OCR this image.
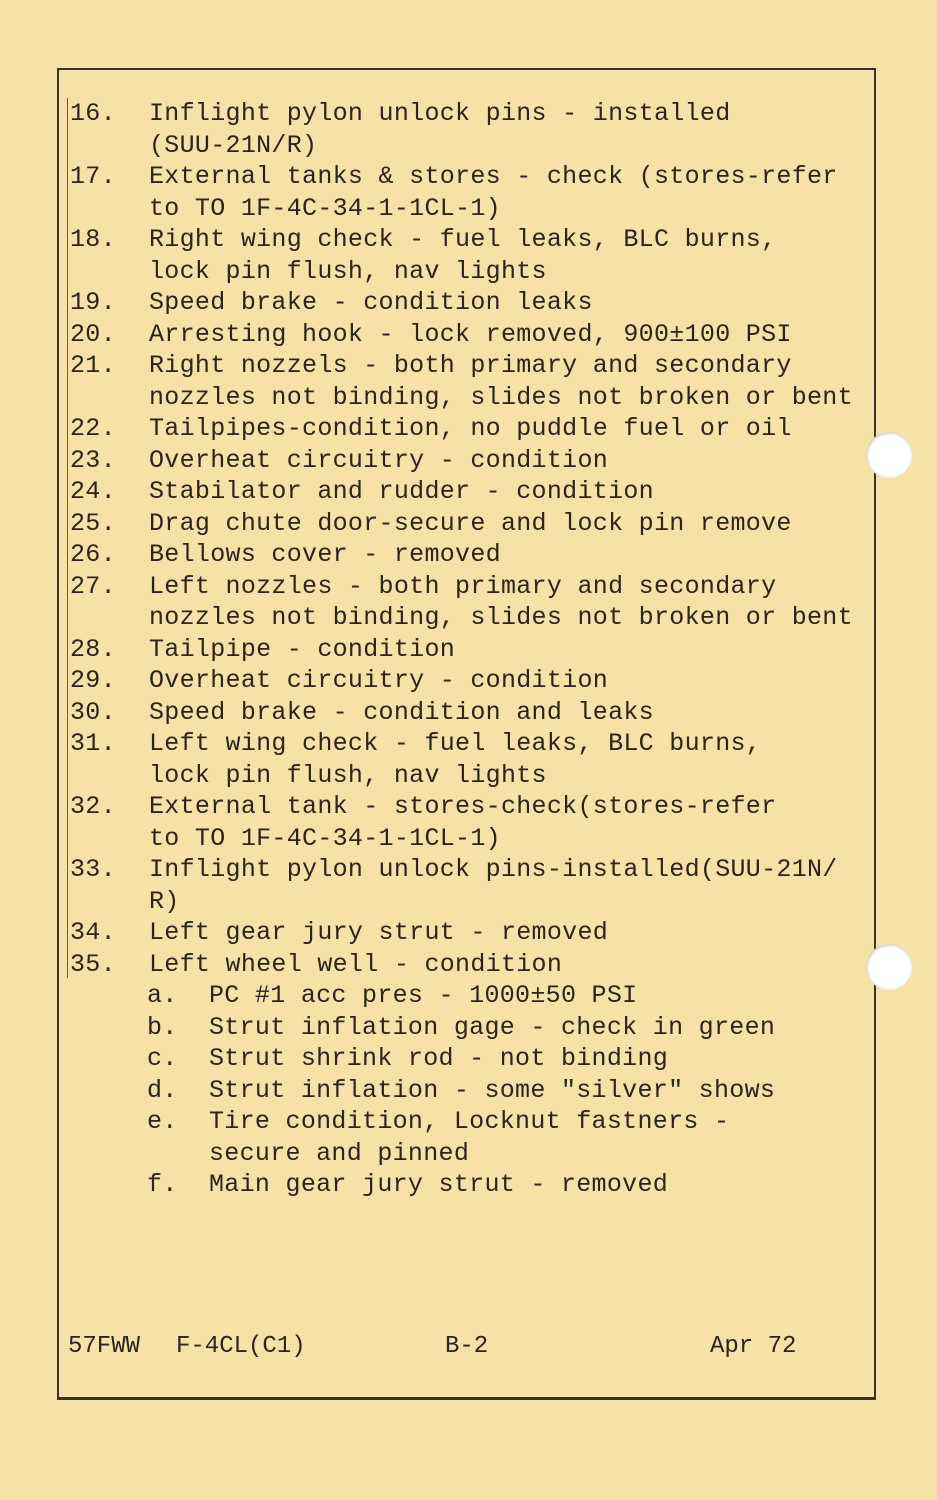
16. Inflight pylon unlock pins - installed
(SUU-21N/R)
17. External tanks & stores - check (stores-refer
to TO 1F-4C-34-1-1CL-1)
18. Right wing check - fuel leaks, BLC burns,
lock pin flush, nav lights
19. Speed brake - condition leaks
20. Arresting hook - lock removed, 900±100 PSI
21. Right nozzels - both primary and secondary
nozzles not binding, slides not broken or bent
22. Tailpipes-condition, no puddle fuel or oil
23. Overheat circuitry - condition
24. Stabilator and rudder - condition
25. Drag chute door-secure and lock pin remove
26. Bellows cover - removed
27. Left nozzles - both primary and secondary
nozzles not binding, slides not broken or bent
28. Tailpipe - condition
29. Overheat circuitry - condition
30. Speed brake - condition and leaks
31. Left wing check - fuel leaks, BLC burns,
lock pin flush, nav lights
32. External tank - stores-check(stores-refer
to TO 1F-4C-34-1-1CL-1)
33. Inflight pylon unlock pins-installed(SUU-21N/
R)
34. Left gear jury strut - removed
35. Left wheel well - condition
a. PC #1 acc pres - 1000±50 PSI
b. Strut inflation gage - check in green
c. Strut shrink rod - not binding
d. Strut inflation - some "silver" shows
e. Tire condition, Locknut fastners -
secure and pinned
f. Main gear jury strut - removed
57FWW F-4CL(C1)	B-2	Apr 72
